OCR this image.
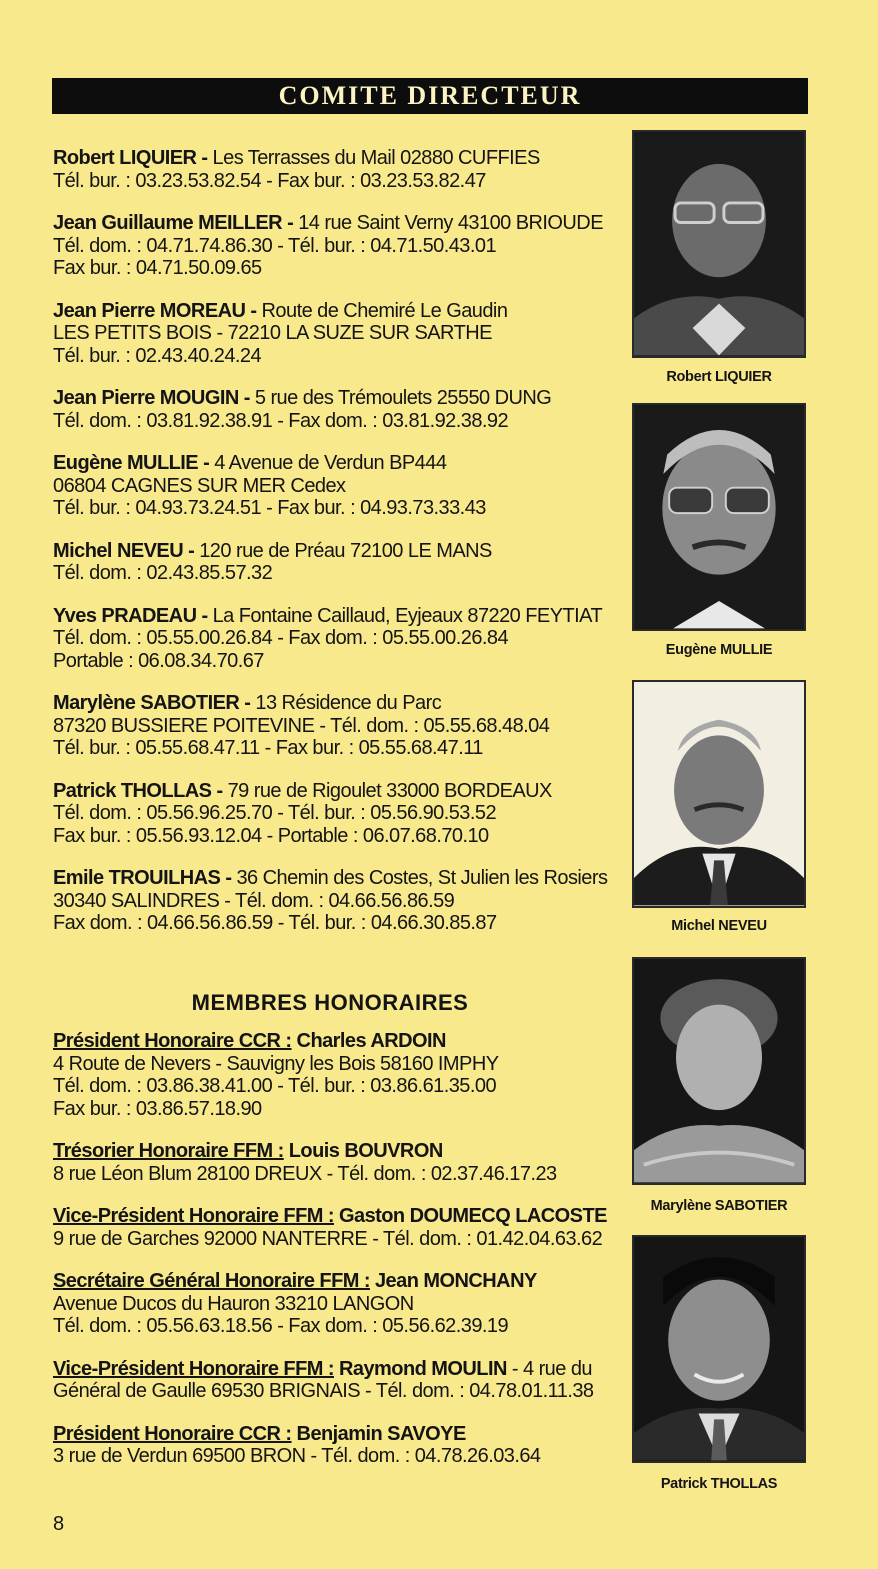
COMITE DIRECTEUR
Robert LIQUIER - Les Terrasses du Mail 02880 CUFFIES
Tél. bur. : 03.23.53.82.54 - Fax bur. : 03.23.53.82.47
Jean Guillaume MEILLER - 14 rue Saint Verny 43100 BRIOUDE
Tél. dom. : 04.71.74.86.30 - Tél. bur. : 04.71.50.43.01
Fax bur. : 04.71.50.09.65
Jean Pierre MOREAU - Route de Chemiré Le Gaudin
LES PETITS BOIS - 72210 LA SUZE SUR SARTHE
Tél. bur. : 02.43.40.24.24
Jean Pierre MOUGIN - 5 rue des Trémoulets 25550 DUNG
Tél. dom. : 03.81.92.38.91 - Fax dom. : 03.81.92.38.92
Eugène MULLIE - 4 Avenue de Verdun BP444
06804 CAGNES SUR MER Cedex
Tél. bur. : 04.93.73.24.51 - Fax bur. : 04.93.73.33.43
Michel NEVEU - 120 rue de Préau 72100 LE MANS
Tél. dom. : 02.43.85.57.32
Yves PRADEAU - La Fontaine Caillaud, Eyjeaux 87220 FEYTIAT
Tél. dom. : 05.55.00.26.84 - Fax dom. : 05.55.00.26.84
Portable : 06.08.34.70.67
Marylène SABOTIER - 13 Résidence du Parc
87320 BUSSIERE POITEVINE - Tél. dom. : 05.55.68.48.04
Tél. bur. : 05.55.68.47.11 - Fax bur. : 05.55.68.47.11
Patrick THOLLAS - 79 rue de Rigoulet 33000 BORDEAUX
Tél. dom. : 05.56.96.25.70 - Tél. bur. : 05.56.90.53.52
Fax bur. : 05.56.93.12.04 - Portable : 06.07.68.70.10
Emile TROUILHAS - 36 Chemin des Costes, St Julien les Rosiers
30340 SALINDRES - Tél. dom. : 04.66.56.86.59
Fax dom. : 04.66.56.86.59 - Tél. bur. : 04.66.30.85.87
MEMBRES HONORAIRES
Président Honoraire CCR : Charles ARDOIN
4 Route de Nevers - Sauvigny les Bois 58160 IMPHY
Tél. dom. : 03.86.38.41.00 - Tél. bur. : 03.86.61.35.00
Fax bur. : 03.86.57.18.90
Trésorier Honoraire FFM : Louis BOUVRON
8 rue Léon Blum 28100 DREUX - Tél. dom. : 02.37.46.17.23
Vice-Président Honoraire FFM : Gaston DOUMECQ LACOSTE
9 rue de Garches 92000 NANTERRE - Tél. dom. : 01.42.04.63.62
Secrétaire Général Honoraire FFM : Jean MONCHANY
Avenue Ducos du Hauron 33210 LANGON
Tél. dom. : 05.56.63.18.56 - Fax dom. : 05.56.62.39.19
Vice-Président Honoraire FFM : Raymond MOULIN - 4 rue du
Général de Gaulle 69530 BRIGNAIS - Tél. dom. : 04.78.01.11.38
Président Honoraire CCR : Benjamin SAVOYE
3 rue de Verdun 69500 BRON - Tél. dom. : 04.78.26.03.64
Robert LIQUIER
Eugène MULLIE
Michel NEVEU
Marylène SABOTIER
Patrick THOLLAS
8
